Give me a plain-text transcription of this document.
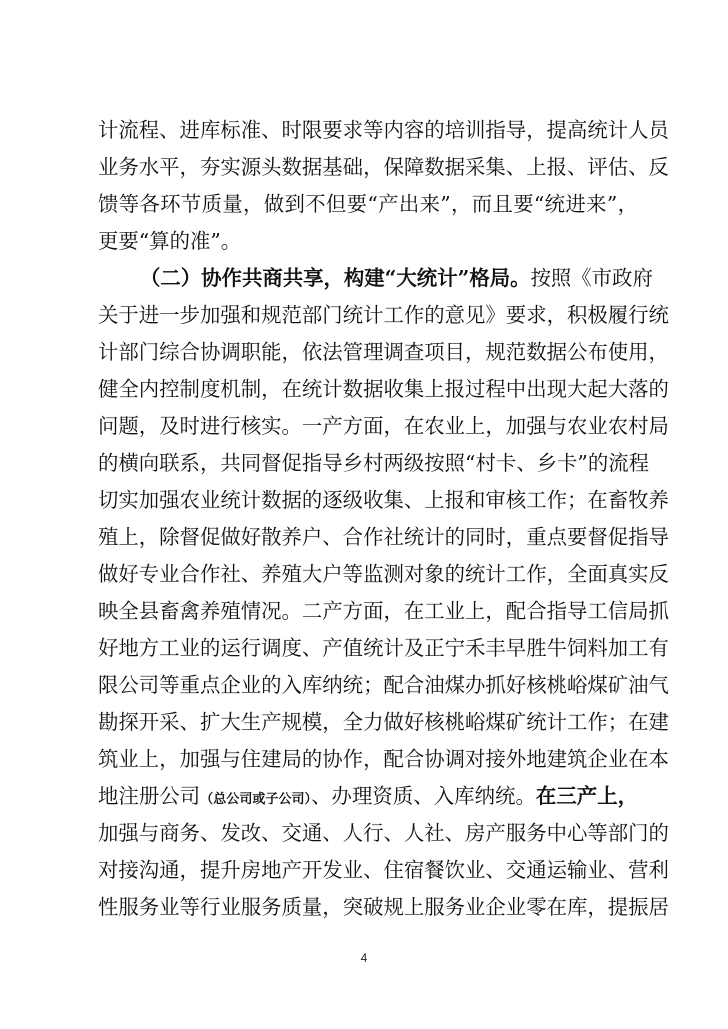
计流程、进库标准、时限要求等内容的培训指导，提高统计人员
业务水平，夯实源头数据基础，保障数据采集、上报、评估、反
馈等各环节质量，做到不但要“产出来”，而且要“统进来”，
更要“算的准”。
（二）协作共商共享，构建“大统计”格局。按照《市政府
关于进一步加强和规范部门统计工作的意见》要求，积极履行统
计部门综合协调职能，依法管理调查项目，规范数据公布使用，
健全内控制度机制，在统计数据收集上报过程中出现大起大落的
问题，及时进行核实。一产方面，在农业上，加强与农业农村局
的横向联系，共同督促指导乡村两级按照“村卡、乡卡”的流程
切实加强农业统计数据的逐级收集、上报和审核工作；在畜牧养
殖上，除督促做好散养户、合作社统计的同时，重点要督促指导
做好专业合作社、养殖大户等监测对象的统计工作，全面真实反
映全县畜禽养殖情况。二产方面，在工业上，配合指导工信局抓
好地方工业的运行调度、产值统计及正宁禾丰早胜牛饲料加工有
限公司等重点企业的入库纳统；配合油煤办抓好核桃峪煤矿油气
勘探开采、扩大生产规模，全力做好核桃峪煤矿统计工作；在建
筑业上，加强与住建局的协作，配合协调对接外地建筑企业在本
地注册公司（总公司或子公司）、办理资质、入库纳统。在三产上，
加强与商务、发改、交通、人行、人社、房产服务中心等部门的
对接沟通，提升房地产开发业、住宿餐饮业、交通运输业、营利
性服务业等行业服务质量，突破规上服务业企业零在库，提振居
4
